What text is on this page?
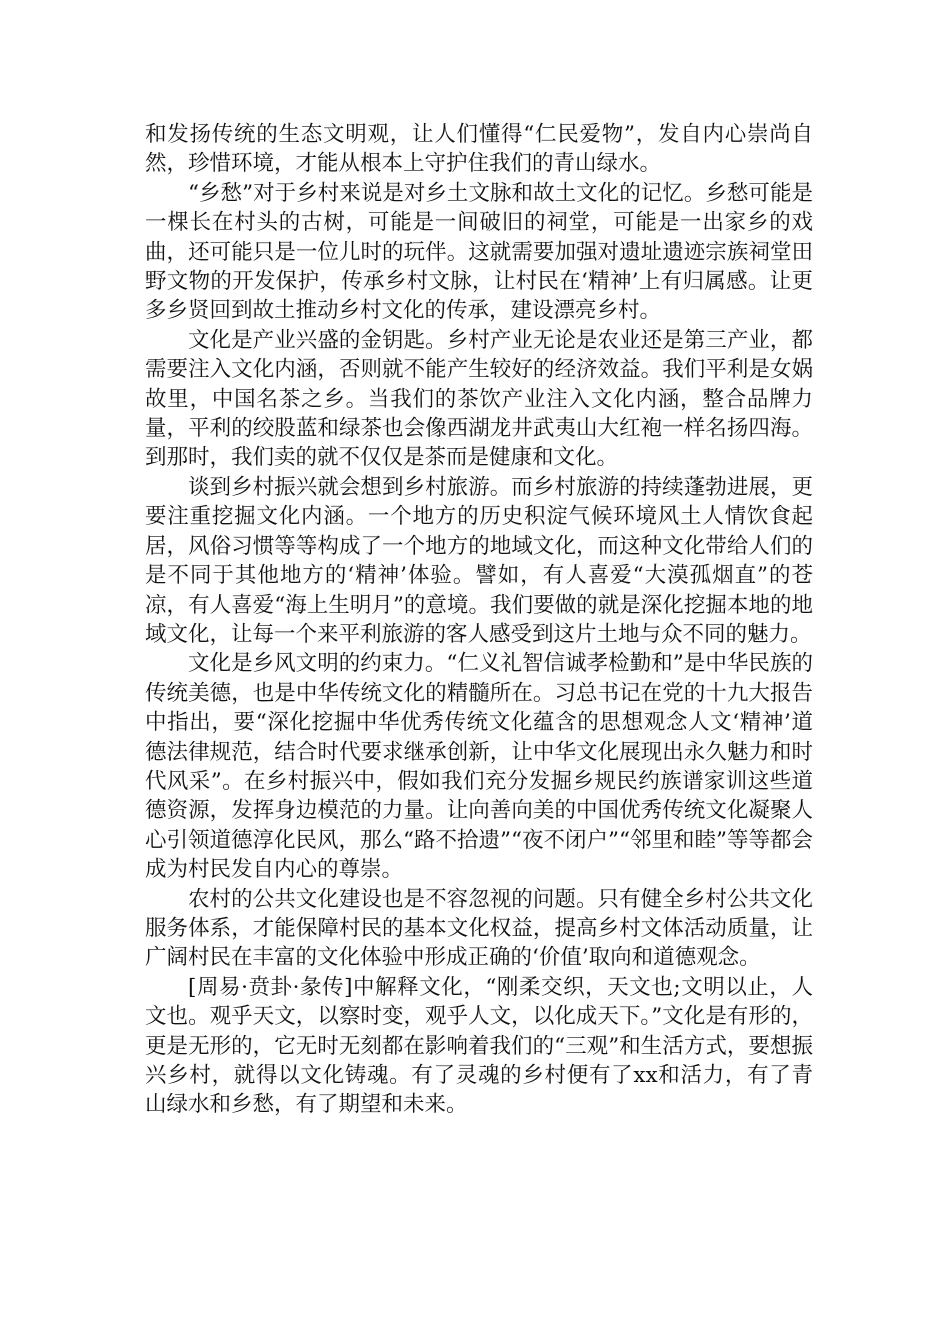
和发扬传统的生态文明观，让人们懂得“仁民爱物”，发自内心崇尚自然，珍惜环境，才能从根本上守护住我们的青山绿水。

“乡愁”对于乡村来说是对乡土文脉和故土文化的记忆。乡愁可能是一棵长在村头的古树，可能是一间破旧的祠堂，可能是一出家乡的戏曲，还可能只是一位儿时的玩伴。这就需要加强对遗址遗迹宗族祠堂田野文物的开发保护，传承乡村文脉，让村民在‘精神’上有归属感。让更多乡贤回到故土推动乡村文化的传承，建设漂亮乡村。

文化是产业兴盛的金钥匙。乡村产业无论是农业还是第三产业，都需要注入文化内涵，否则就不能产生较好的经济效益。我们平利是女娲故里，中国名茶之乡。当我们的茶饮产业注入文化内涵，整合品牌力量，平利的绞股蓝和绿茶也会像西湖龙井武夷山大红袍一样名扬四海。到那时，我们卖的就不仅仅是茶而是健康和文化。

谈到乡村振兴就会想到乡村旅游。而乡村旅游的持续蓬勃进展，更要注重挖掘文化内涵。一个地方的历史积淀气候环境风土人情饮食起居，风俗习惯等等构成了一个地方的地域文化，而这种文化带给人们的是不同于其他地方的‘精神’体验。譬如，有人喜爱“大漠孤烟直”的苍凉，有人喜爱“海上生明月”的意境。我们要做的就是深化挖掘本地的地域文化，让每一个来平利旅游的客人感受到这片土地与众不同的魅力。

文化是乡风文明的约束力。“仁义礼智信诚孝检勤和”是中华民族的传统美德，也是中华传统文化的精髓所在。习总书记在党的十九大报告中指出，要“深化挖掘中华优秀传统文化蕴含的思想观念人文‘精神’道德法律规范，结合时代要求继承创新，让中华文化展现出永久魅力和时代风采”。在乡村振兴中，假如我们充分发掘乡规民约族谱家训这些道德资源，发挥身边模范的力量。让向善向美的中国优秀传统文化凝聚人心引领道德淳化民风，那么“路不拾遗”“夜不闭户”“邻里和睦”等等都会成为村民发自内心的尊崇。

农村的公共文化建设也是不容忽视的问题。只有健全乡村公共文化服务体系，才能保障村民的基本文化权益，提高乡村文体活动质量，让广阔村民在丰富的文化体验中形成正确的‘价值’取向和道德观念。

[周易·贲卦·彖传]中解释文化，“刚柔交织，天文也;文明以止，人文也。观乎天文，以察时变，观乎人文，以化成天下。”文化是有形的，更是无形的，它无时无刻都在影响着我们的“三观”和生活方式，要想振兴乡村，就得以文化铸魂。有了灵魂的乡村便有了xx和活力，有了青山绿水和乡愁，有了期望和未来。
